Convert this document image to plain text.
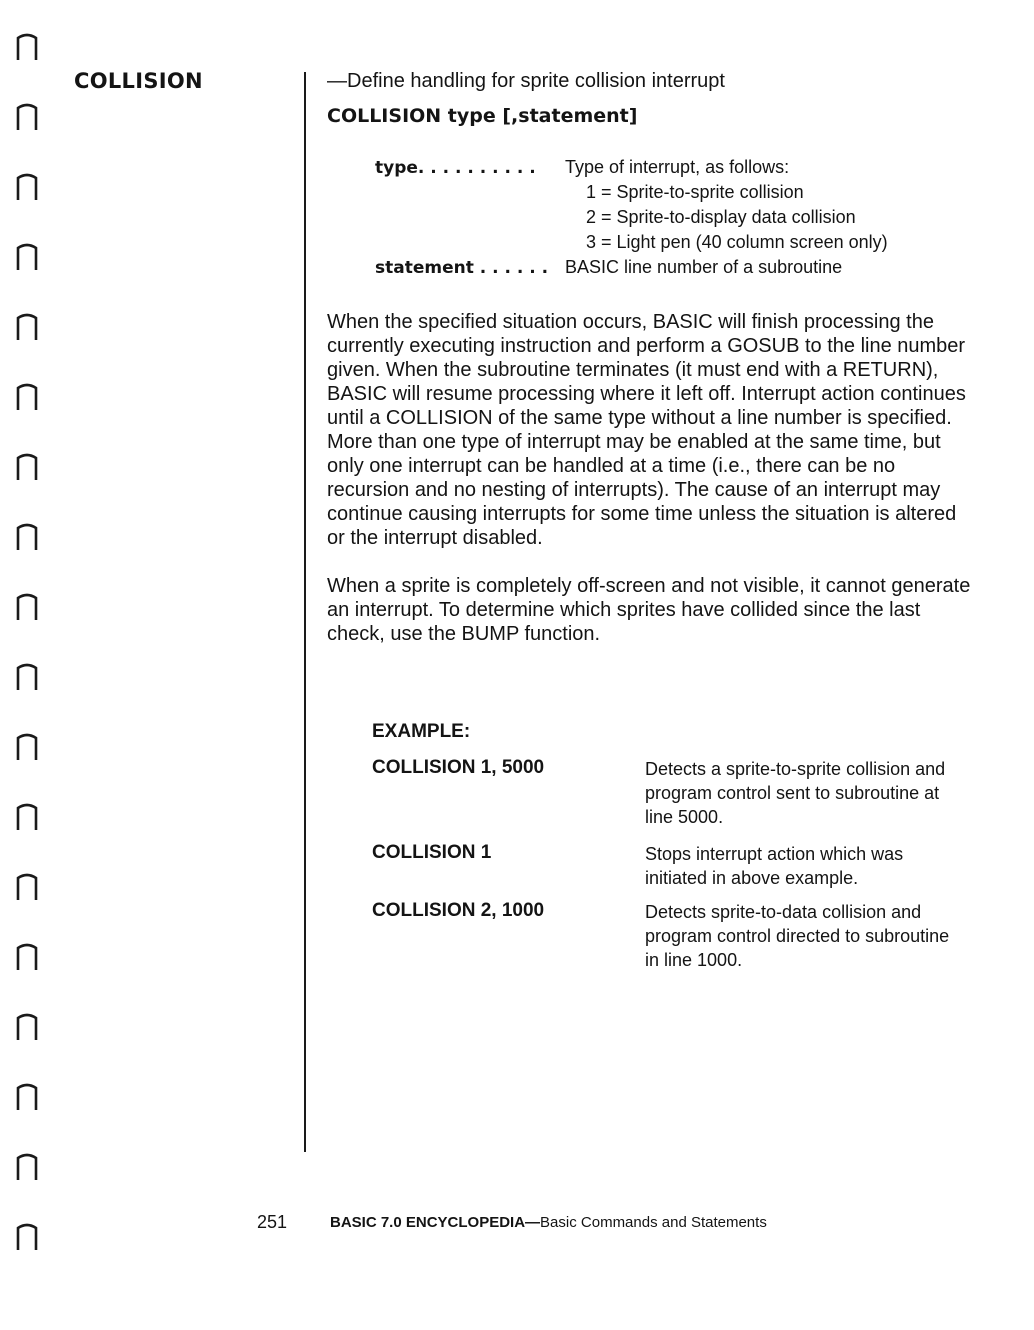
COLLISION	—Define handling for sprite collision interrupt

COLLISION type [,statement]

type. . . . . . . . . . Type of interrupt, as follows:
1 = Sprite-to-sprite collision
2 = Sprite-to-display data collision
3 = Light pen (40 column screen only)
statement . . . . . . BASIC line number of a subroutine

When the specified situation occurs, BASIC will finish processing the currently executing instruction and perform a GOSUB to the line number given. When the subroutine terminates (it must end with a RETURN), BASIC will resume processing where it left off. Interrupt action continues until a COLLISION of the same type without a line number is specified. More than one type of interrupt may be enabled at the same time, but only one interrupt can be handled at a time (i.e., there can be no recursion and no nesting of interrupts). The cause of an interrupt may continue causing interrupts for some time unless the situation is altered or the interrupt disabled.

When a sprite is completely off-screen and not visible, it cannot generate an interrupt. To determine which sprites have collided since the last check, use the BUMP function.

EXAMPLE:

COLLISION 1, 5000	Detects a sprite-to-sprite collision and program control sent to subroutine at line 5000.

COLLISION 1	Stops interrupt action which was initiated in above example.

COLLISION 2, 1000	Detects sprite-to-data collision and program control directed to subroutine in line 1000.

251	BASIC 7.0 ENCYCLOPEDIA—Basic Commands and Statements
